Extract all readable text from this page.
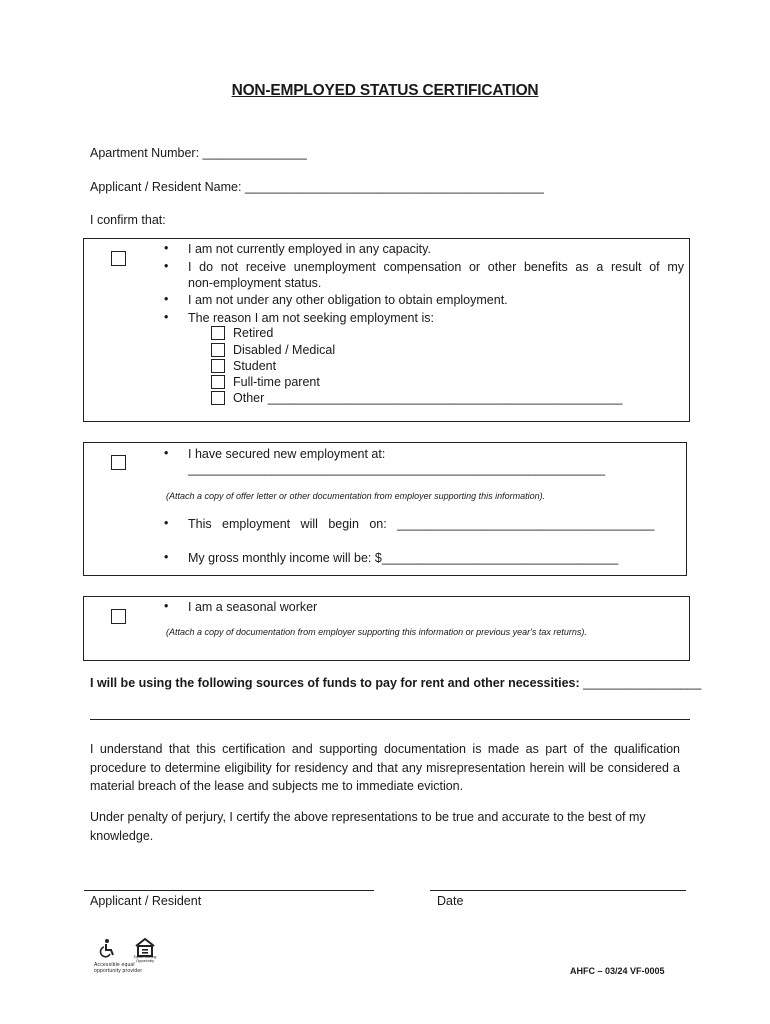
NON-EMPLOYED STATUS CERTIFICATION
Apartment Number: _______________
Applicant / Resident Name: ___________________________________________
I confirm that:
• I am not currently employed in any capacity.
• I do not receive unemployment compensation or other benefits as a result of my
non-employment status.
• I am not under any other obligation to obtain employment.
• The reason I am not seeking employment is:
Retired
Disabled / Medical
Student
Full-time parent
Other ___________________________________________________
• I have secured new employment at:
____________________________________________________________
(Attach a copy of offer letter or other documentation from employer supporting this information).
• This   employment   will   begin   on:   _____________________________________
• My gross monthly income will be: $__________________________________
• I am a seasonal worker
(Attach a copy of documentation from employer supporting this information or previous year's tax returns).
I will be using the following sources of funds to pay for rent and other necessities: _________________
I understand that this certification and supporting documentation is made as part of the qualification procedure to determine eligibility for residency and that any misrepresentation herein will be considered a material breach of the lease and subjects me to immediate eviction.
Under penalty of perjury, I certify the above representations to be true and accurate to the best of my knowledge.
Applicant / Resident	Date
Equal Housing
Opportunity
Accessible equal opportunity provider	AHFC – 03/24 VF-0005
